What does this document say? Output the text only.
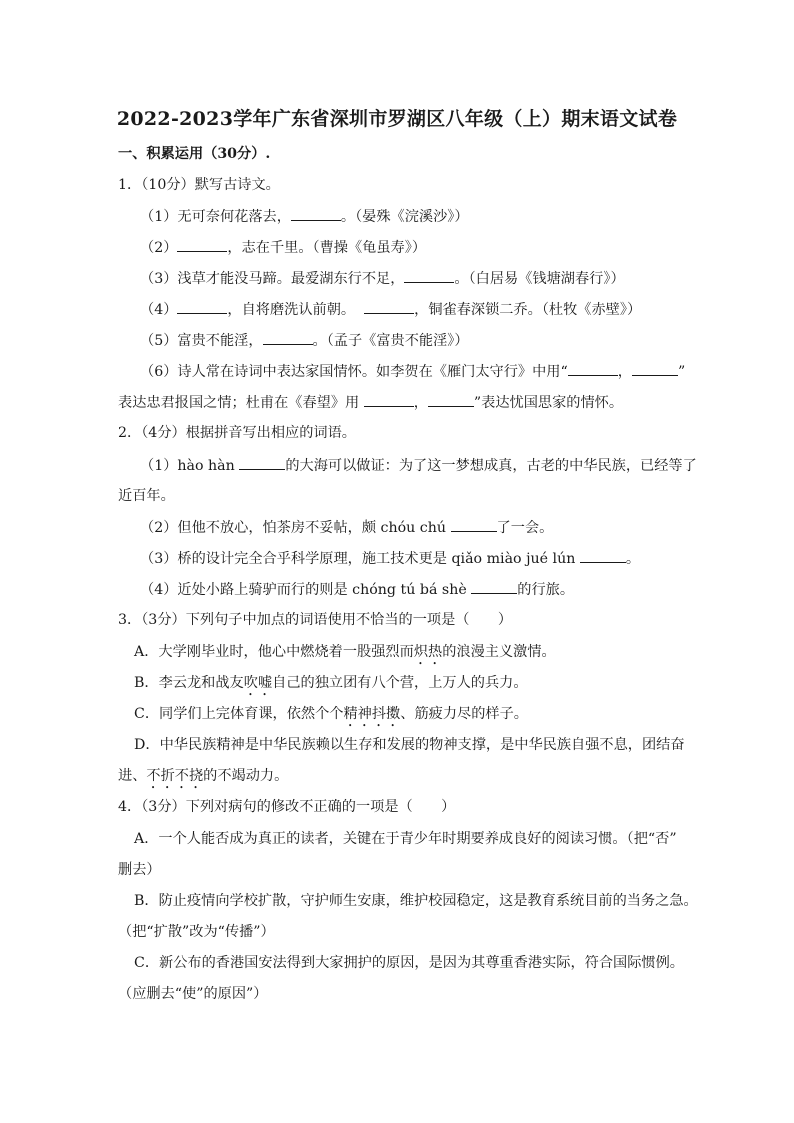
2022-2023学年广东省深圳市罗湖区八年级（上）期末语文试卷
一、积累运用（30分）.
1．（10分）默写古诗文。
（1）无可奈何花落去，	。（晏殊《浣溪沙》）
（2）	，志在千里。（曹操《龟虽寿》）
（3）浅草才能没马蹄。最爱湖东行不足，	。（白居易《钱塘湖春行》）
（4）	，自将磨洗认前朝。	，铜雀春深锁二乔。（杜牧《赤壁》）
（5）富贵不能淫，	。（孟子《富贵不能淫》）
（6）诗人常在诗词中表达家国情怀。如李贺在《雁门太守行》中用“	，	”
表达忠君报国之情；杜甫在《春望》用	，	”表达忧国思家的情怀。
2．（4分）根据拼音写出相应的词语。
（1）hào hàn	的大海可以做证：为了这一梦想成真，古老的中华民族，已经等了
近百年。
（2）但他不放心，怕茶房不妥帖，颇 chóu chú	了一会。
（3）桥的设计完全合乎科学原理，施工技术更是 qiǎo miào jué lún	。
（4）近处小路上骑驴而行的则是 chóng tú bá shè	的行旅。
3．（3分）下列句子中加点的词语使用不恰当的一项是（　　）
A．大学刚毕业时，他心中燃烧着一股强烈而炽热的浪漫主义激情。
B．李云龙和战友吹嘘自己的独立团有八个营，上万人的兵力。
C．同学们上完体育课，依然个个精神抖擞、筋疲力尽的样子。
D．中华民族精神是中华民族赖以生存和发展的物神支撑，是中华民族自强不息，团结奋
进、不折不挠的不竭动力。
4．（3分）下列对病句的修改不正确的一项是（　　）
A．一个人能否成为真正的读者，关键在于青少年时期要养成良好的阅读习惯。（把“否”
删去）
B．防止疫情向学校扩散，守护师生安康，维护校园稳定，这是教育系统目前的当务之急。
（把“扩散”改为“传播”）
C．新公布的香港国安法得到大家拥护的原因，是因为其尊重香港实际，符合国际惯例。
（应删去“使”的原因”）
